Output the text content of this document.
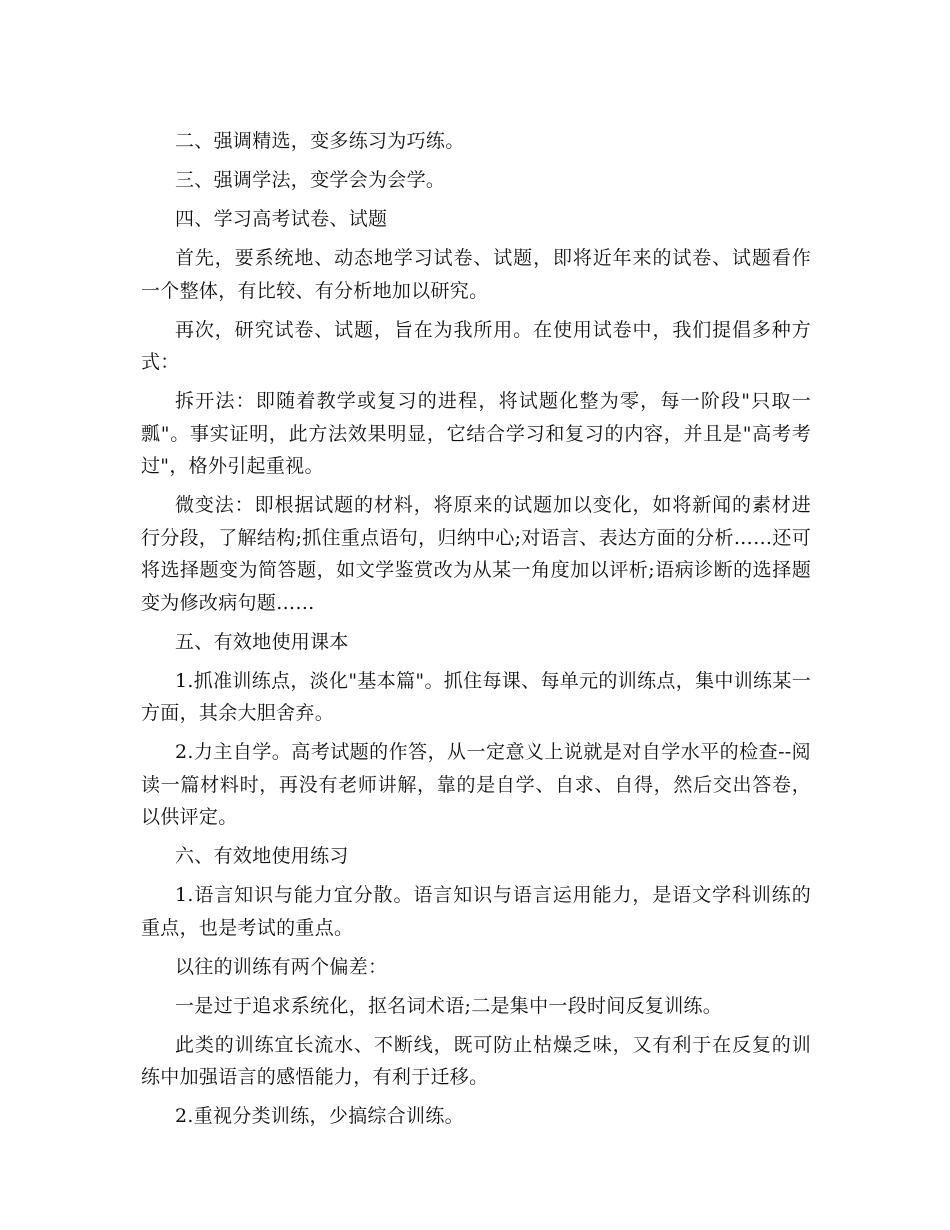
二、强调精选，变多练习为巧练。

三、强调学法，变学会为会学。

四、学习高考试卷、试题

首先，要系统地、动态地学习试卷、试题，即将近年来的试卷、试题看作一个整体，有比较、有分析地加以研究。

再次，研究试卷、试题，旨在为我所用。在使用试卷中，我们提倡多种方式：

拆开法：即随着教学或复习的进程，将试题化整为零，每一阶段"只取一瓢"。事实证明，此方法效果明显，它结合学习和复习的内容，并且是"高考考过"，格外引起重视。

微变法：即根据试题的材料，将原来的试题加以变化，如将新闻的素材进行分段，了解结构;抓住重点语句，归纳中心;对语言、表达方面的分析……还可将选择题变为简答题，如文学鉴赏改为从某一角度加以评析;语病诊断的选择题变为修改病句题……

五、有效地使用课本

1.抓准训练点，淡化"基本篇"。抓住每课、每单元的训练点，集中训练某一方面，其余大胆舍弃。

2.力主自学。高考试题的作答，从一定意义上说就是对自学水平的检查--阅读一篇材料时，再没有老师讲解，靠的是自学、自求、自得，然后交出答卷，以供评定。

六、有效地使用练习

1.语言知识与能力宜分散。语言知识与语言运用能力，是语文学科训练的重点，也是考试的重点。

以往的训练有两个偏差：

一是过于追求系统化，抠名词术语;二是集中一段时间反复训练。

此类的训练宜长流水、不断线，既可防止枯燥乏味，又有利于在反复的训练中加强语言的感悟能力，有利于迁移。

2.重视分类训练，少搞综合训练。
